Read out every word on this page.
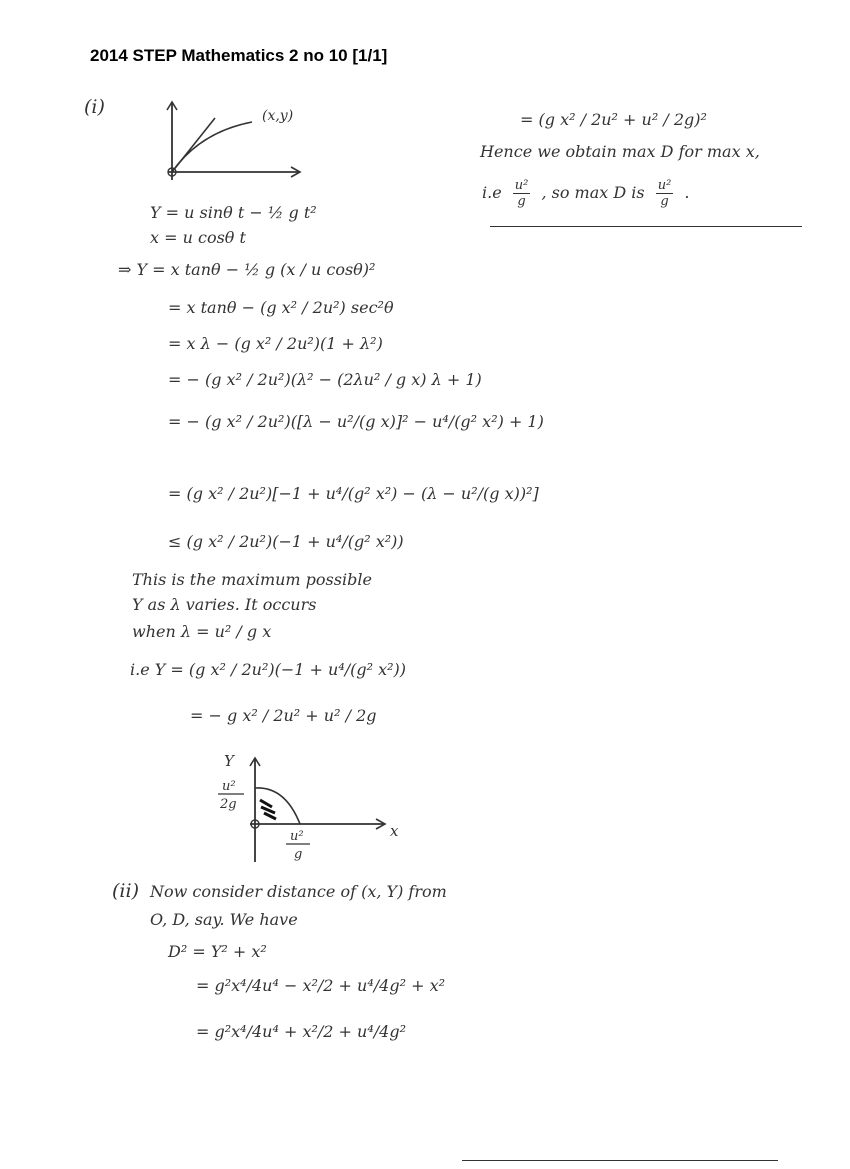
2014 STEP Mathematics 2 no 10 [1/1]
(i)	(x,y)
Y = u sinθ t − ½ g t²
x = u cosθ t
⇒ Y = x tanθ − ½ g (x / u cosθ)²
= x tanθ − (g x² / 2u²) sec²θ
= x λ − (g x² / 2u²)(1 + λ²)
= − (g x² / 2u²)(λ² − (2λu² / g x) λ + 1)
= − (g x² / 2u²)([λ − u²/(g x)]² − u⁴/(g² x²) + 1)
= (g x² / 2u²)[−1 + u⁴/(g² x²) − (λ − u²/(g x))²]
≤ (g x² / 2u²)(−1 + u⁴/(g² x²))
This is the maximum possible
Y as λ varies. It occurs
when λ = u² / g x
i.e Y = (g x² / 2u²)(−1 + u⁴/(g² x²))
= − g x² / 2u² + u² / 2g
Y
x
u²
2g
u²
g
(ii) Now consider distance of (x, Y) from
O, D, say. We have
D² = Y² + x²
= g²x⁴/4u⁴ − x²/2 + u⁴/4g² + x²
= g²x⁴/4u⁴ + x²/2 + u⁴/4g²
= (g x² / 2u² + u² / 2g)²
Hence we obtain max D for max x,
$i.e \frac{\text{u²}}{g}$ , so max D is $\frac{\text{u²}}{g}$ .
